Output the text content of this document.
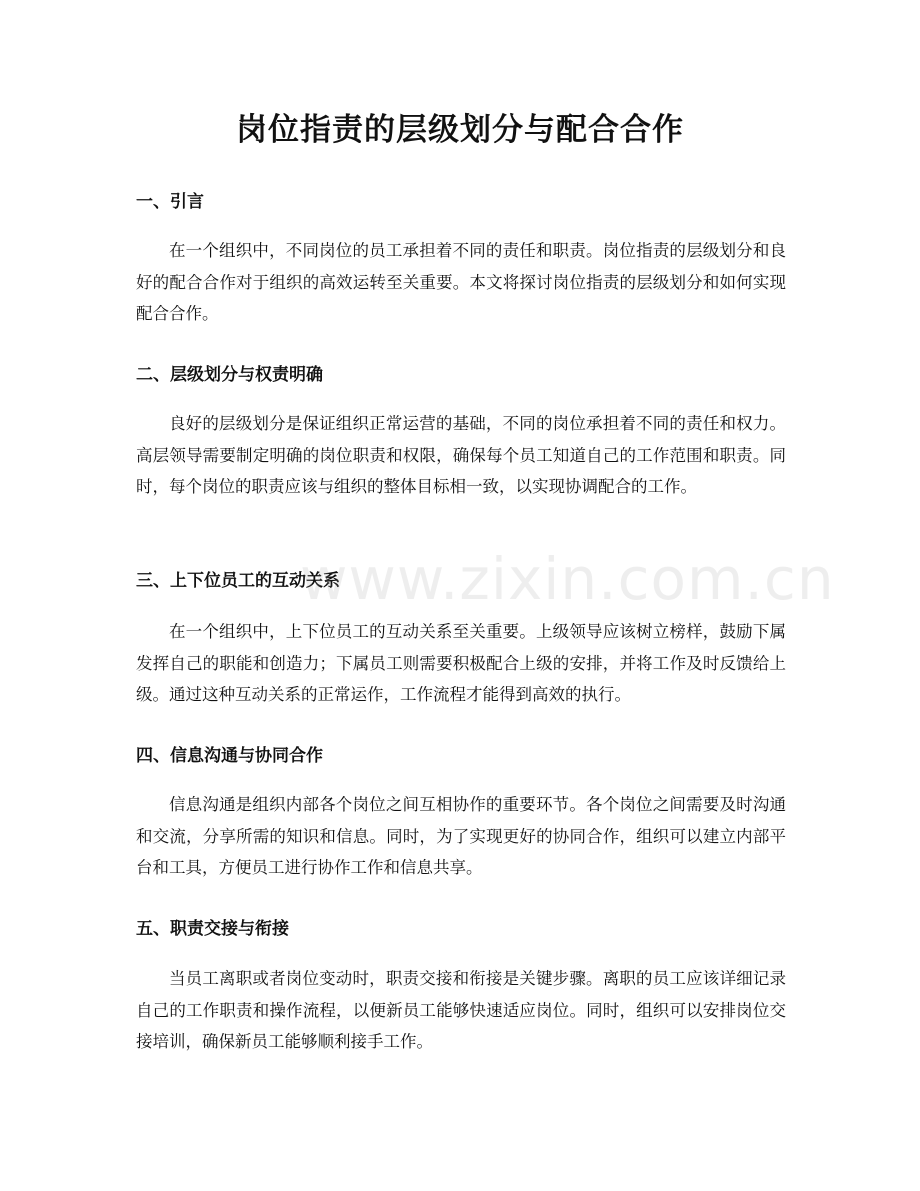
岗位指责的层级划分与配合合作
一、引言

在一个组织中，不同岗位的员工承担着不同的责任和职责。岗位指责的层级划分和良好的配合合作对于组织的高效运转至关重要。本文将探讨岗位指责的层级划分和如何实现配合合作。

二、层级划分与权责明确

良好的层级划分是保证组织正常运营的基础，不同的岗位承担着不同的责任和权力。高层领导需要制定明确的岗位职责和权限，确保每个员工知道自己的工作范围和职责。同时，每个岗位的职责应该与组织的整体目标相一致，以实现协调配合的工作。

三、上下位员工的互动关系

在一个组织中，上下位员工的互动关系至关重要。上级领导应该树立榜样，鼓励下属发挥自己的职能和创造力；下属员工则需要积极配合上级的安排，并将工作及时反馈给上级。通过这种互动关系的正常运作，工作流程才能得到高效的执行。

四、信息沟通与协同合作

信息沟通是组织内部各个岗位之间互相协作的重要环节。各个岗位之间需要及时沟通和交流，分享所需的知识和信息。同时，为了实现更好的协同合作，组织可以建立内部平台和工具，方便员工进行协作工作和信息共享。

五、职责交接与衔接

当员工离职或者岗位变动时，职责交接和衔接是关键步骤。离职的员工应该详细记录自己的工作职责和操作流程，以便新员工能够快速适应岗位。同时，组织可以安排岗位交接培训，确保新员工能够顺利接手工作。

www.zixin.com.cn
